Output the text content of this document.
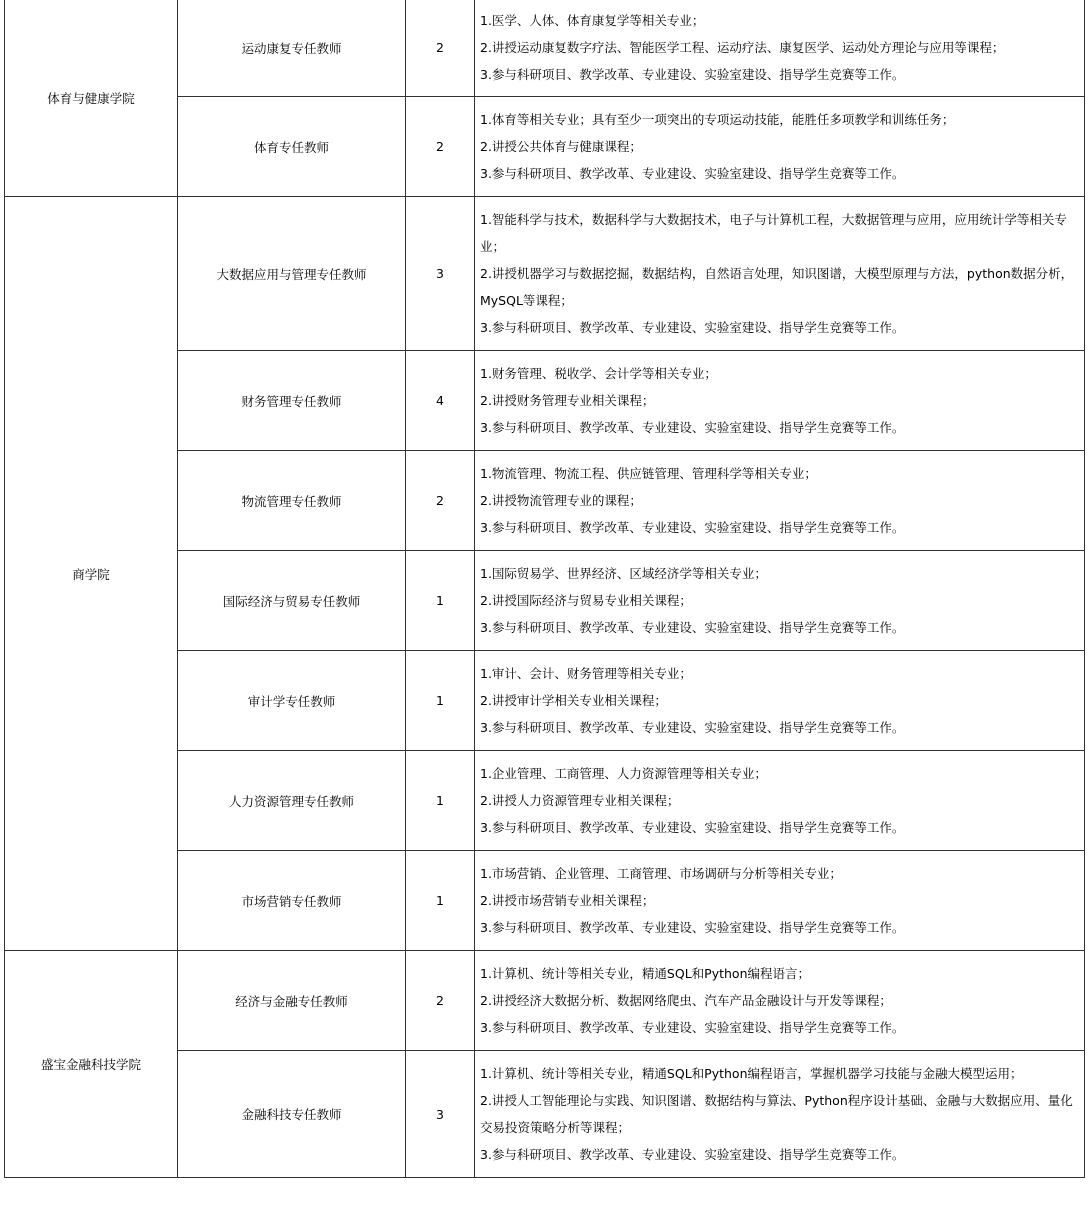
体育与健康学院	运动康复专任教师	2	1.医学、人体、体育康复学等相关专业；
2.讲授运动康复数字疗法、智能医学工程、运动疗法、康复医学、运动处方理论与应用等课程；
3.参与科研项目、教学改革、专业建设、实验室建设、指导学生竞赛等工作。

	体育专任教师	2	1.体育等相关专业；具有至少一项突出的专项运动技能，能胜任多项教学和训练任务；
2.讲授公共体育与健康课程；
3.参与科研项目、教学改革、专业建设、实验室建设、指导学生竞赛等工作。

商学院	大数据应用与管理专任教师	3	1.智能科学与技术，数据科学与大数据技术，电子与计算机工程，大数据管理与应用，应用统计学等相关专业；
2.讲授机器学习与数据挖掘，数据结构，自然语言处理，知识图谱，大模型原理与方法，python数据分析，MySQL等课程；
3.参与科研项目、教学改革、专业建设、实验室建设、指导学生竞赛等工作。

	财务管理专任教师	4	1.财务管理、税收学、会计学等相关专业；
2.讲授财务管理专业相关课程；
3.参与科研项目、教学改革、专业建设、实验室建设、指导学生竞赛等工作。

	物流管理专任教师	2	1.物流管理、物流工程、供应链管理、管理科学等相关专业；
2.讲授物流管理专业的课程；
3.参与科研项目、教学改革、专业建设、实验室建设、指导学生竞赛等工作。

	国际经济与贸易专任教师	1	1.国际贸易学、世界经济、区域经济学等相关专业；
2.讲授国际经济与贸易专业相关课程；
3.参与科研项目、教学改革、专业建设、实验室建设、指导学生竞赛等工作。

	审计学专任教师	1	1.审计、会计、财务管理等相关专业；
2.讲授审计学相关专业相关课程；
3.参与科研项目、教学改革、专业建设、实验室建设、指导学生竞赛等工作。

	人力资源管理专任教师	1	1.企业管理、工商管理、人力资源管理等相关专业；
2.讲授人力资源管理专业相关课程；
3.参与科研项目、教学改革、专业建设、实验室建设、指导学生竞赛等工作。

	市场营销专任教师	1	1.市场营销、企业管理、工商管理、市场调研与分析等相关专业；
2.讲授市场营销专业相关课程；
3.参与科研项目、教学改革、专业建设、实验室建设、指导学生竞赛等工作。

盛宝金融科技学院	经济与金融专任教师	2	1.计算机、统计等相关专业，精通SQL和Python编程语言；
2.讲授经济大数据分析、数据网络爬虫、汽车产品金融设计与开发等课程；
3.参与科研项目、教学改革、专业建设、实验室建设、指导学生竞赛等工作。

	金融科技专任教师	3	1.计算机、统计等相关专业，精通SQL和Python编程语言，掌握机器学习技能与金融大模型运用；
2.讲授人工智能理论与实践、知识图谱、数据结构与算法、Python程序设计基础、金融与大数据应用、量化交易投资策略分析等课程；
3.参与科研项目、教学改革、专业建设、实验室建设、指导学生竞赛等工作。
